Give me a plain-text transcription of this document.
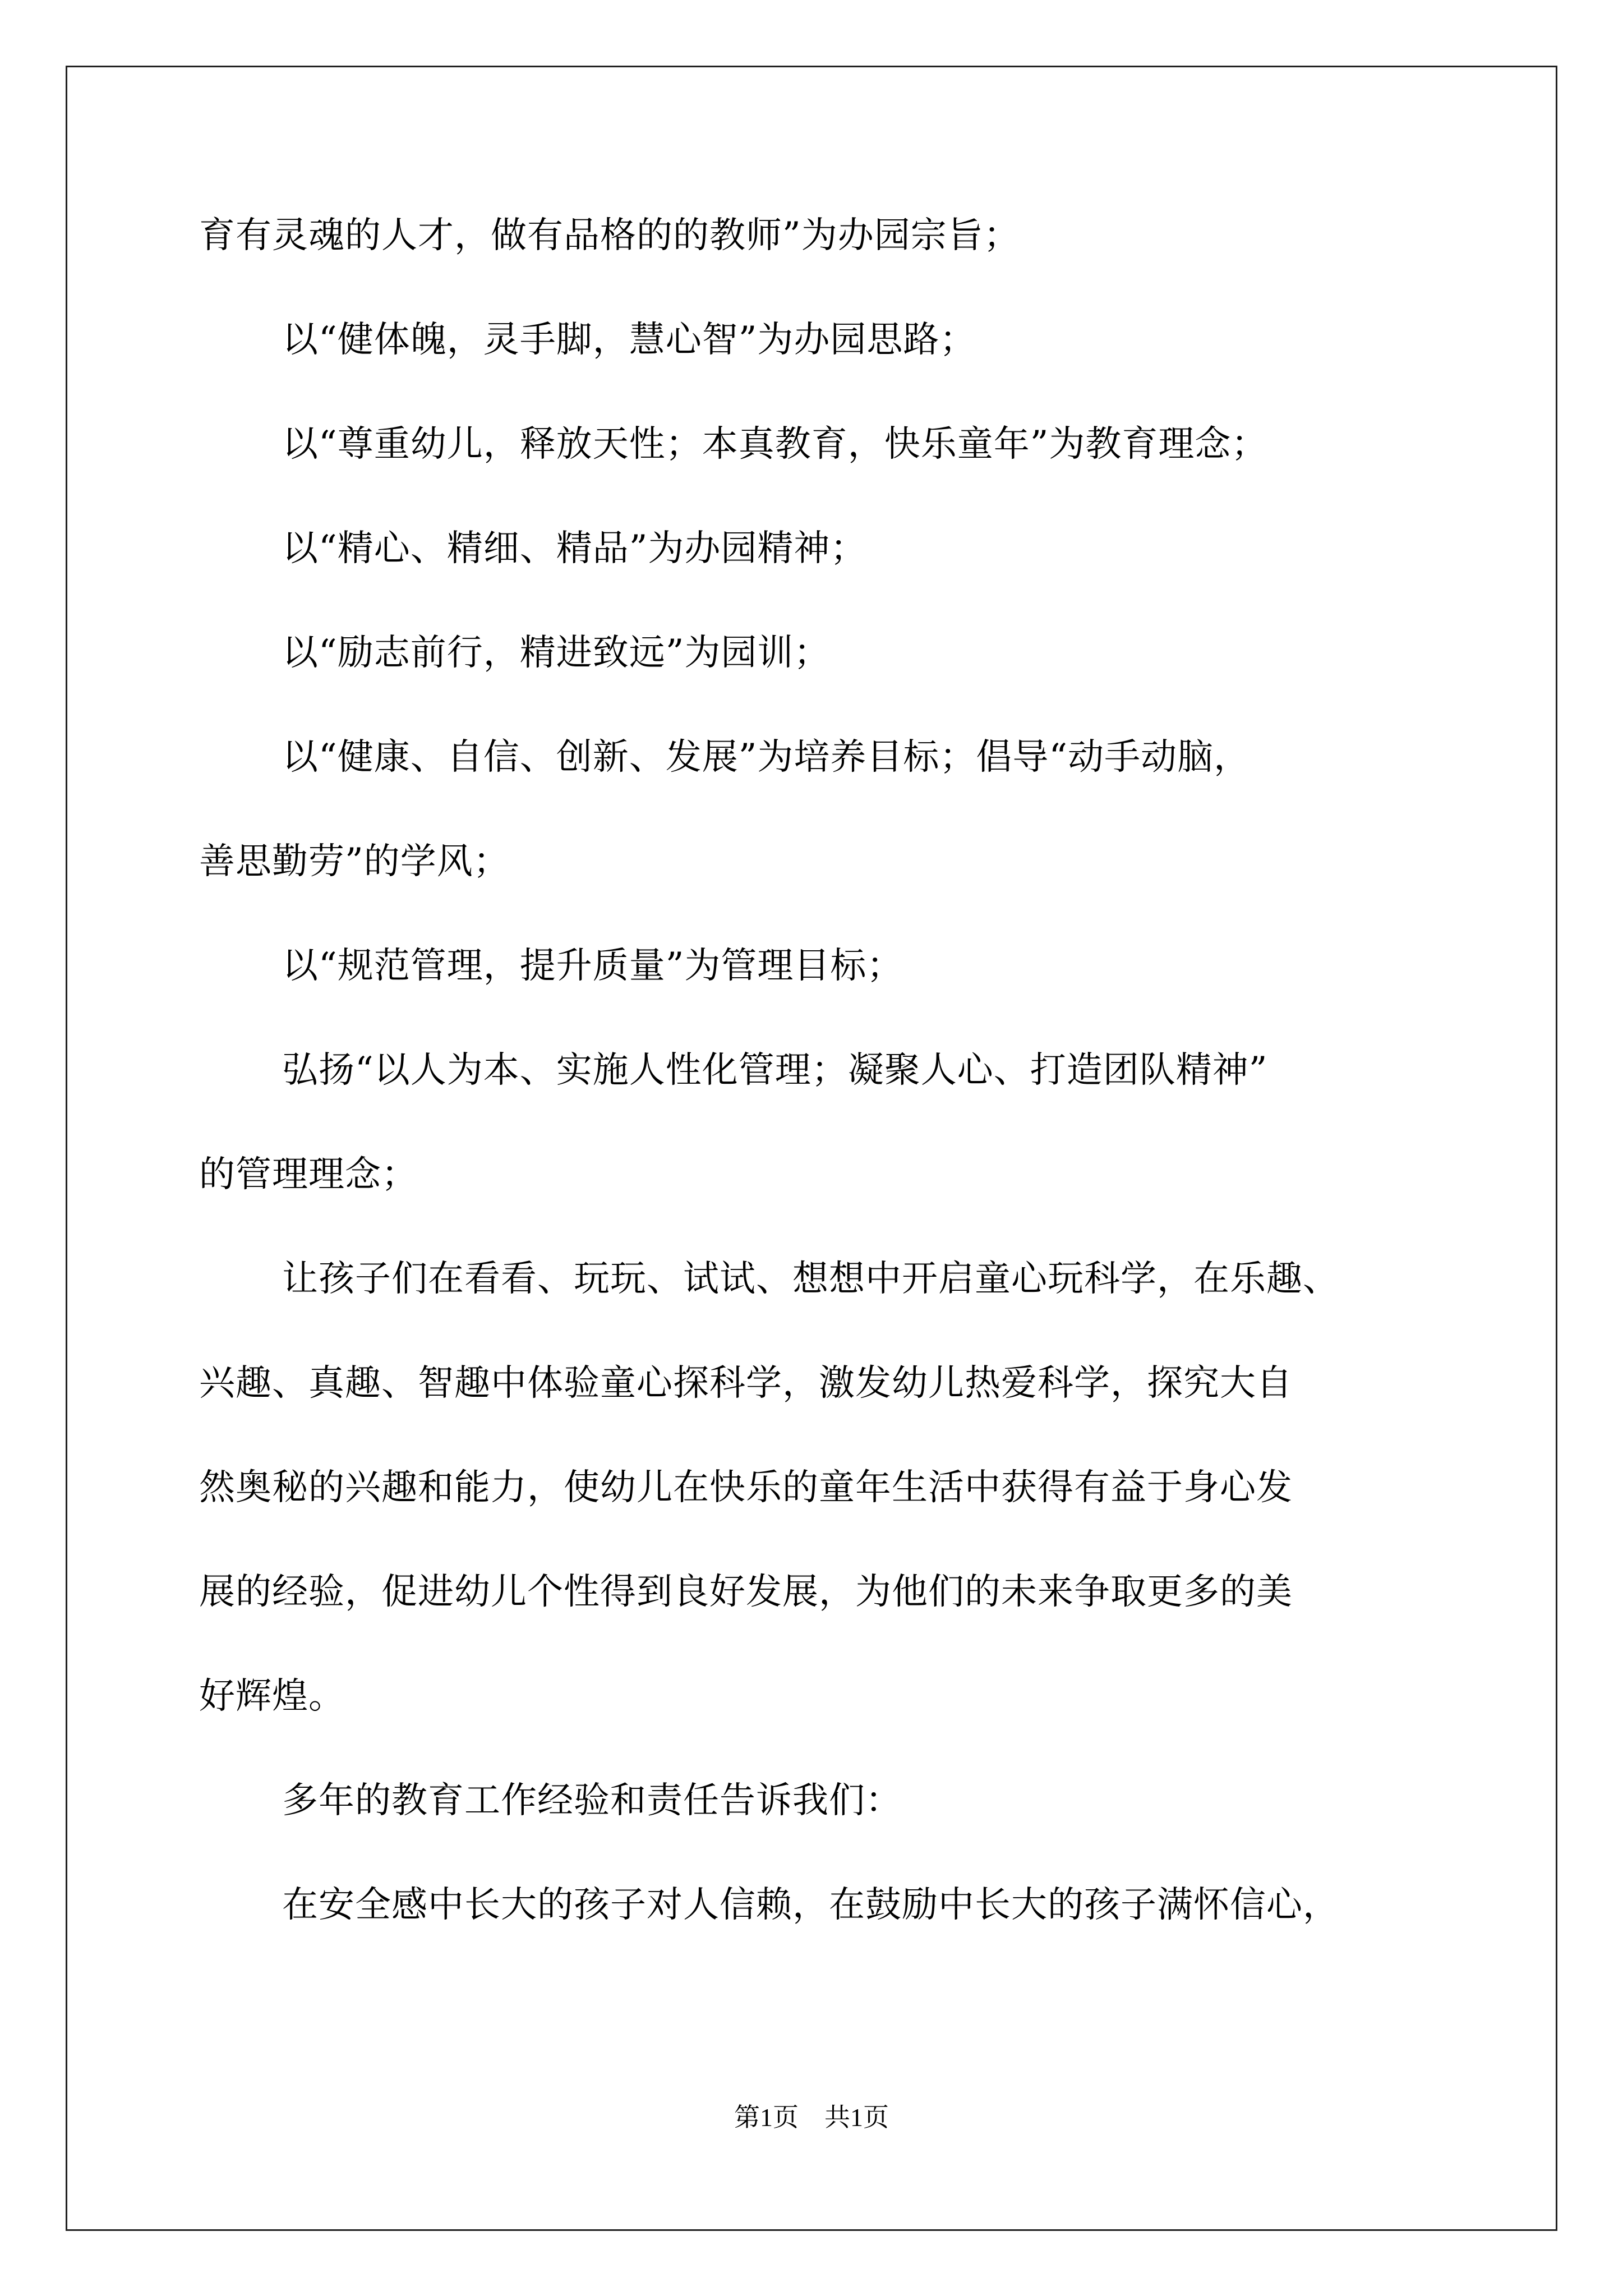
育有灵魂的人才，做有品格的的教师”为办园宗旨；
以“健体魄，灵手脚，慧心智”为办园思路；
以“尊重幼儿，释放天性；本真教育，快乐童年”为教育理念；
以“精心、精细、精品”为办园精神；
以“励志前行，精进致远”为园训；
以“健康、自信、创新、发展”为培养目标；倡导“动手动脑，
善思勤劳”的学风；
以“规范管理，提升质量”为管理目标；
弘扬“以人为本、实施人性化管理；凝聚人心、打造团队精神”
的管理理念；
让孩子们在看看、玩玩、试试、想想中开启童心玩科学，在乐趣、
兴趣、真趣、智趣中体验童心探科学，激发幼儿热爱科学，探究大自
然奥秘的兴趣和能力，使幼儿在快乐的童年生活中获得有益于身心发
展的经验，促进幼儿个性得到良好发展，为他们的未来争取更多的美
好辉煌。
多年的教育工作经验和责任告诉我们：
在安全感中长大的孩子对人信赖，在鼓励中长大的孩子满怀信心，
第1页　共1页
